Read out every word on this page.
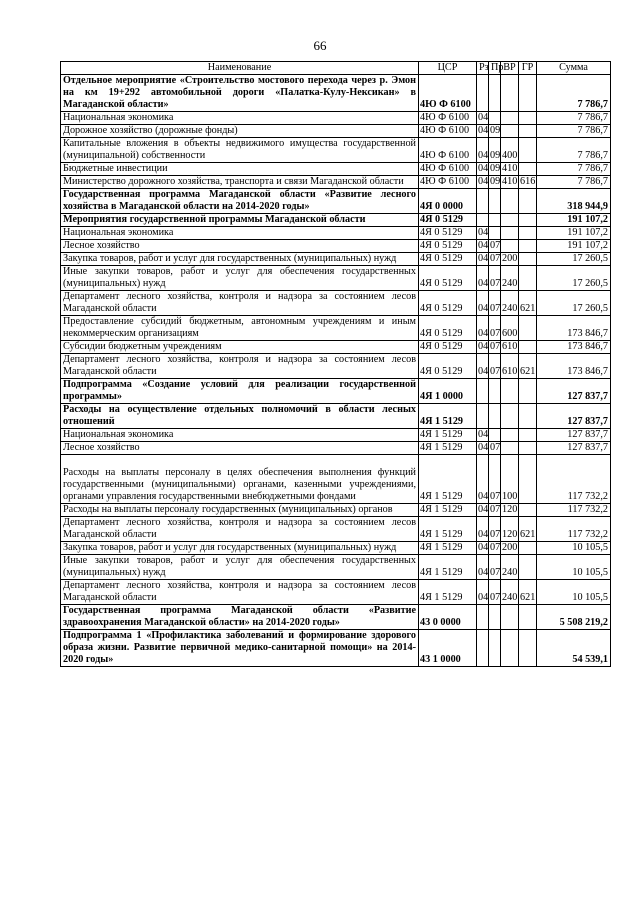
66
Наименование	ЦСР	Рз	Пр	ВР	ГР	Сумма
Отдельное мероприятие «Строительство мостового перехода через р. Эмон на км 19+292 автомобильной дороги «Палатка-Кулу-Нексикан» в Магаданской области»	4Ю Ф 6100					7 786,7
Национальная экономика	4Ю Ф 6100	04				7 786,7
Дорожное хозяйство (дорожные фонды)	4Ю Ф 6100	04	09			7 786,7
Капитальные вложения в объекты недвижимого имущества государственной (муниципальной) собственности	4Ю Ф 6100	04	09	400		7 786,7
Бюджетные инвестиции	4Ю Ф 6100	04	09	410		7 786,7
Министерство дорожного хозяйства, транспорта и связи Магаданской области	4Ю Ф 6100	04	09	410	616	7 786,7
Государственная программа Магаданской области «Развитие лесного хозяйства в Магаданской области на 2014-2020 годы»	4Я 0 0000					318 944,9
Мероприятия государственной программы Магаданской области	4Я 0 5129					191 107,2
Национальная экономика	4Я 0 5129	04				191 107,2
Лесное хозяйство	4Я 0 5129	04	07			191 107,2
Закупка товаров, работ и услуг для государственных (муниципальных) нужд	4Я 0 5129	04	07	200		17 260,5
Иные закупки товаров, работ и услуг для обеспечения государственных (муниципальных) нужд	4Я 0 5129	04	07	240		17 260,5
Департамент лесного хозяйства, контроля и надзора за состоянием лесов Магаданской области	4Я 0 5129	04	07	240	621	17 260,5
Предоставление субсидий бюджетным, автономным учреждениям и иным некоммерческим организациям	4Я 0 5129	04	07	600		173 846,7
Субсидии бюджетным учреждениям	4Я 0 5129	04	07	610		173 846,7
Департамент лесного хозяйства, контроля и надзора за состоянием лесов Магаданской области	4Я 0 5129	04	07	610	621	173 846,7
Подпрограмма «Создание условий для реализации государственной программы»	4Я 1 0000					127 837,7
Расходы на осуществление отдельных полномочий в области лесных отношений	4Я 1 5129					127 837,7
Национальная экономика	4Я 1 5129	04				127 837,7
Лесное хозяйство	4Я 1 5129	04	07			127 837,7
Расходы на выплаты персоналу в целях обеспечения выполнения функций государственными (муниципальными) органами, казенными учреждениями, органами управления государственными внебюджетными фондами	4Я 1 5129	04	07	100		117 732,2
Расходы на выплаты персоналу государственных (муниципальных) органов	4Я 1 5129	04	07	120		117 732,2
Департамент лесного хозяйства, контроля и надзора за состоянием лесов Магаданской области	4Я 1 5129	04	07	120	621	117 732,2
Закупка товаров, работ и услуг для государственных (муниципальных) нужд	4Я 1 5129	04	07	200		10 105,5
Иные закупки товаров, работ и услуг для обеспечения государственных (муниципальных) нужд	4Я 1 5129	04	07	240		10 105,5
Департамент лесного хозяйства, контроля и надзора за состоянием лесов Магаданской области	4Я 1 5129	04	07	240	621	10 105,5
Государственная программа Магаданской области «Развитие здравоохранения Магаданской области» на 2014-2020 годы»	43 0 0000					5 508 219,2
Подпрограмма 1 «Профилактика заболеваний и формирование здорового образа жизни. Развитие первичной медико-санитарной помощи» на 2014-2020 годы»	43 1 0000					54 539,1
